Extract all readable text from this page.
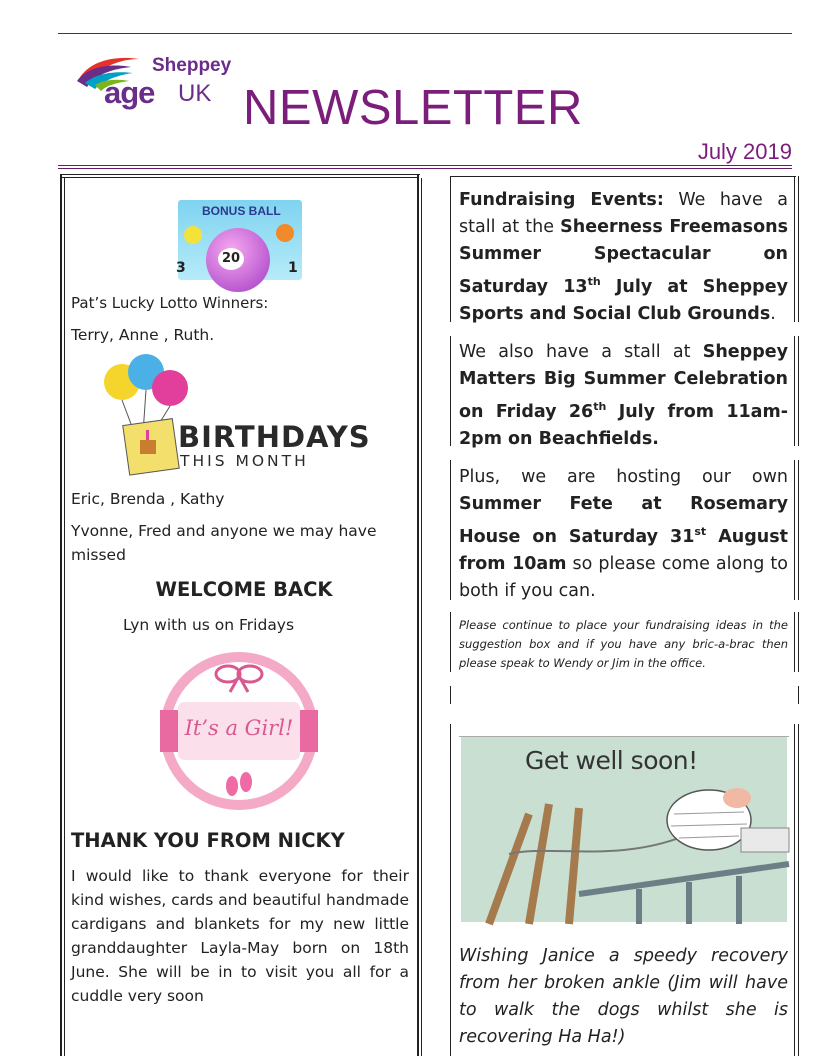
Sheppey
age UK NEWSLETTER
July 2019
BONUS BALL
20
3	1
Pat’s Lucky Lotto Winners:
Terry, Anne , Ruth.
BIRTHDAYS
THIS MONTH
Eric, Brenda , Kathy
Yvonne, Fred and anyone we may have missed
WELCOME BACK
Lyn with us on Fridays
It’s a Girl!
THANK YOU FROM NICKY
I would like to thank everyone for their kind wishes, cards and beautiful handmade cardigans and blankets for my new little granddaughter Layla-May born on 18th June. She will be in to visit you all for a cuddle very soon
Fundraising Events: We have a stall at the Sheerness Freemasons Summer Spectacular on Saturday 13th July at Sheppey Sports and Social Club Grounds.
We also have a stall at Sheppey Matters Big Summer Celebration on Friday 26th July from 11am-2pm on Beachfields.
Plus, we are hosting our own Summer Fete at Rosemary House on Saturday 31st August from 10am so please come along to both if you can.
Please continue to place your fundraising ideas in the suggestion box and if you have any bric-a-brac then please speak to Wendy or Jim in the office.
Get well soon!
Wishing Janice a speedy recovery from her broken ankle (Jim will have to walk the dogs whilst she is recovering Ha Ha!)
